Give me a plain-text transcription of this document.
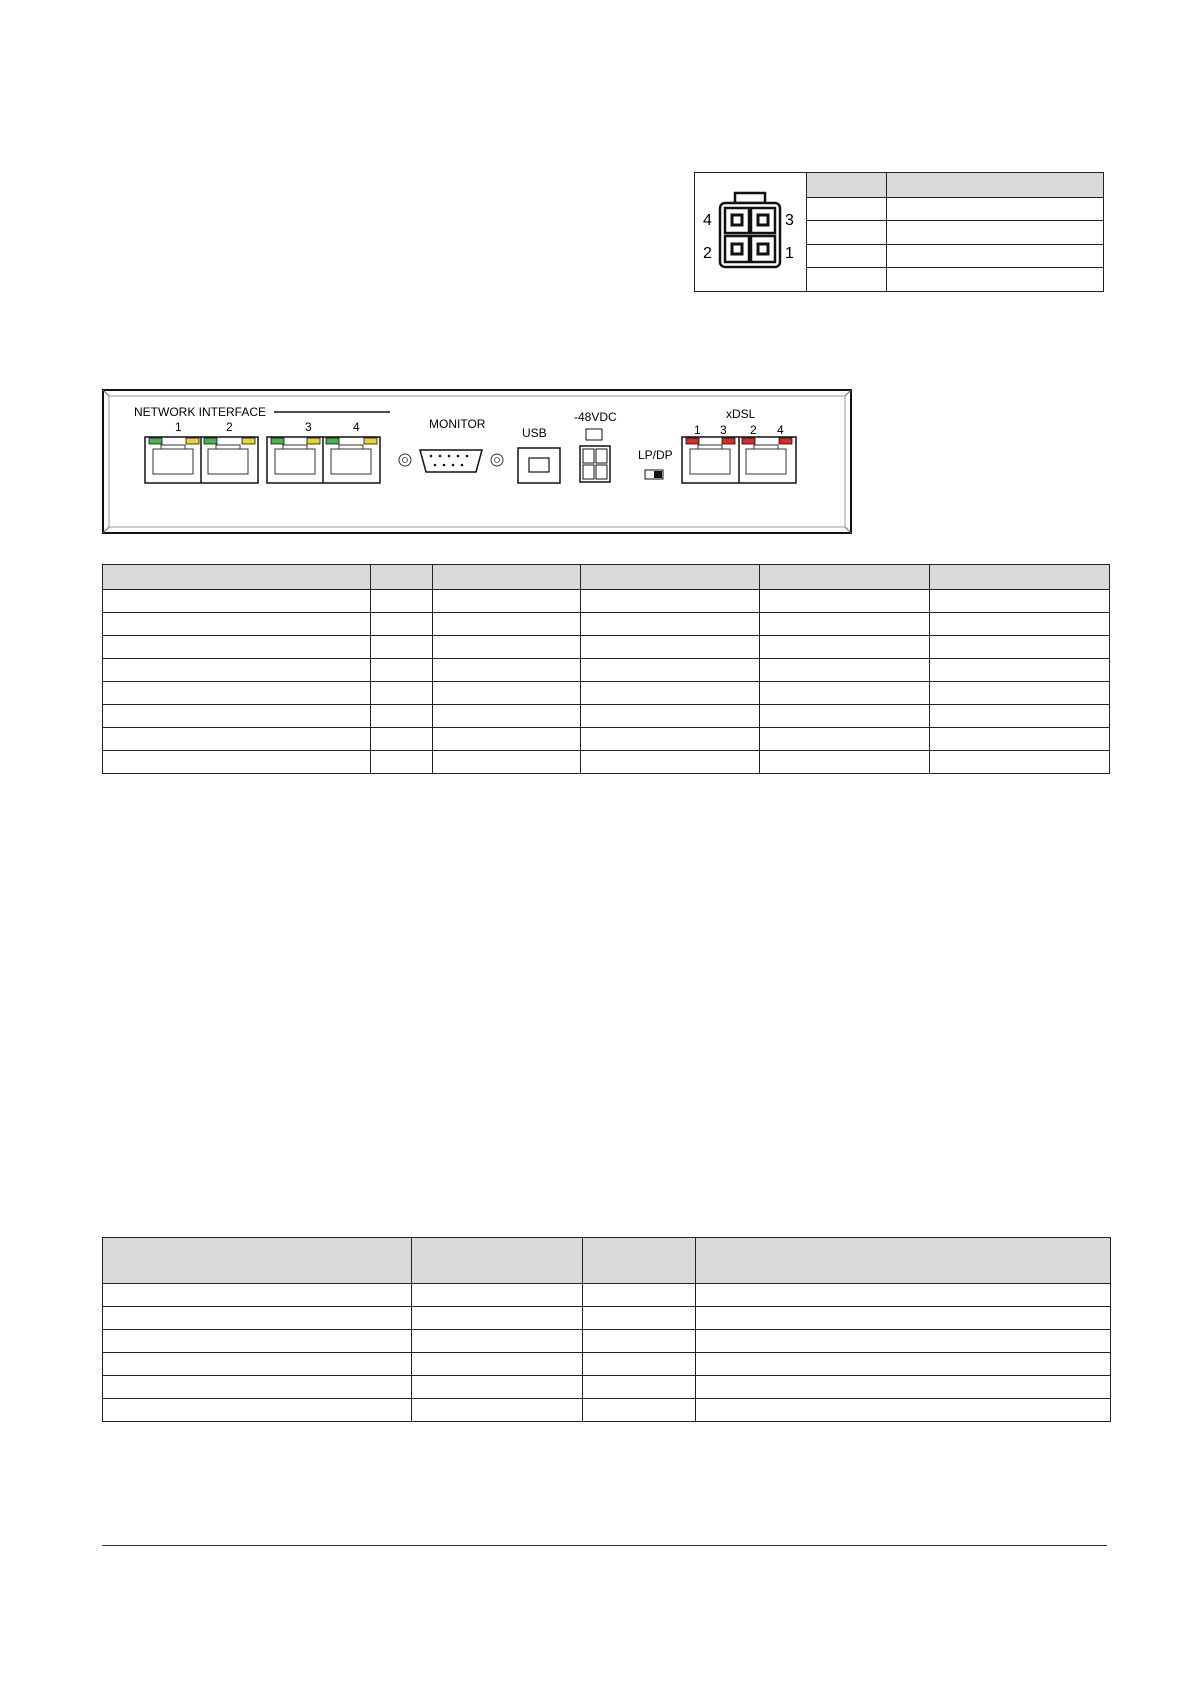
4	3
2	1

NETWORK INTERFACE
1	2	3	4	MONITOR
USB
-48VDC
LP/DP
xDSL
1 3 2 4
